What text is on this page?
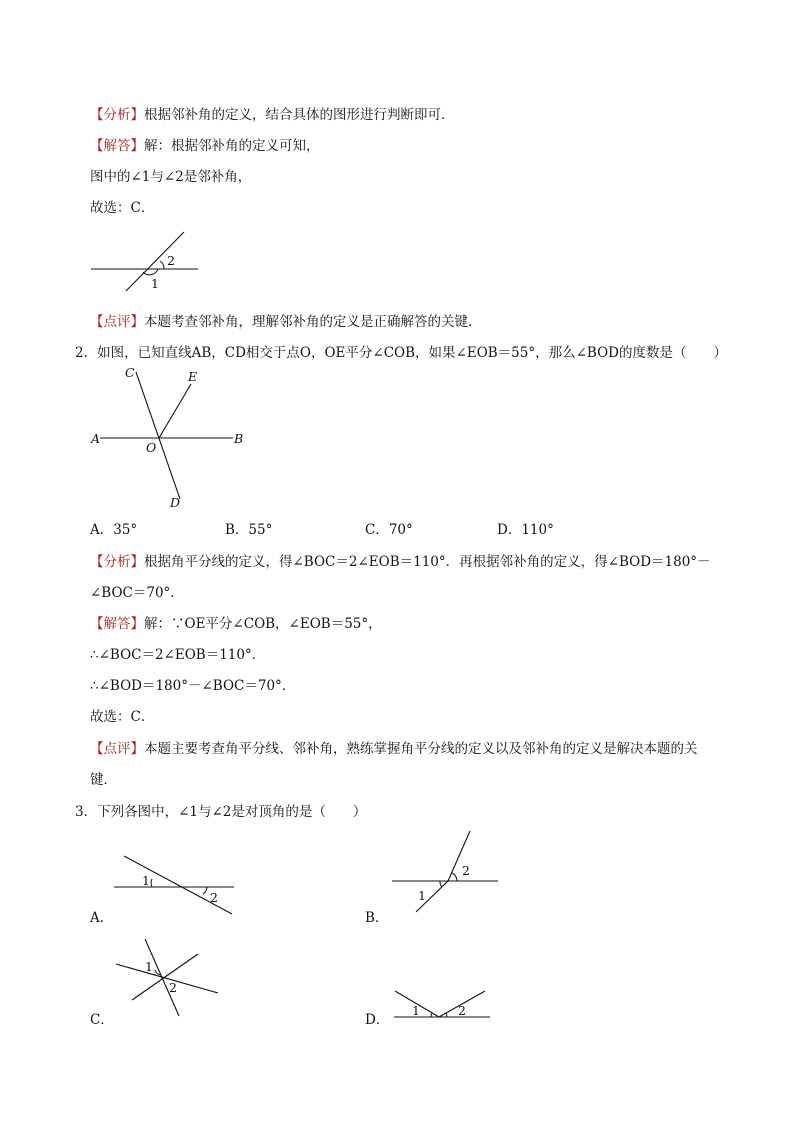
【分析】根据邻补角的定义，结合具体的图形进行判断即可．
【解答】解：根据邻补角的定义可知，
图中的∠1与∠2是邻补角，
故选：C．
2
1
【点评】本题考查邻补角，理解邻补角的定义是正确解答的关键．
2．如图，已知直线AB，CD相交于点O，OE平分∠COB，如果∠EOB＝55°，那么∠BOD的度数是（　　）
A	B
C
D
E
O
A．35°	B．55°	C．70°	D．110°
【分析】根据角平分线的定义，得∠BOC＝2∠EOB＝110°．再根据邻补角的定义，得∠BOD＝180°－
∠BOC＝70°．
【解答】解：∵OE平分∠COB，∠EOB＝55°，
∴∠BOC＝2∠EOB＝110°．
∴∠BOD＝180°－∠BOC＝70°．
故选：C．
【点评】本题主要考查角平分线、邻补角，熟练掌握角平分线的定义以及邻补角的定义是解决本题的关
键．
3．下列各图中，∠1与∠2是对顶角的是（　　）
1
2
A．
1
2
B．
1
2
C．
1	2
D．
